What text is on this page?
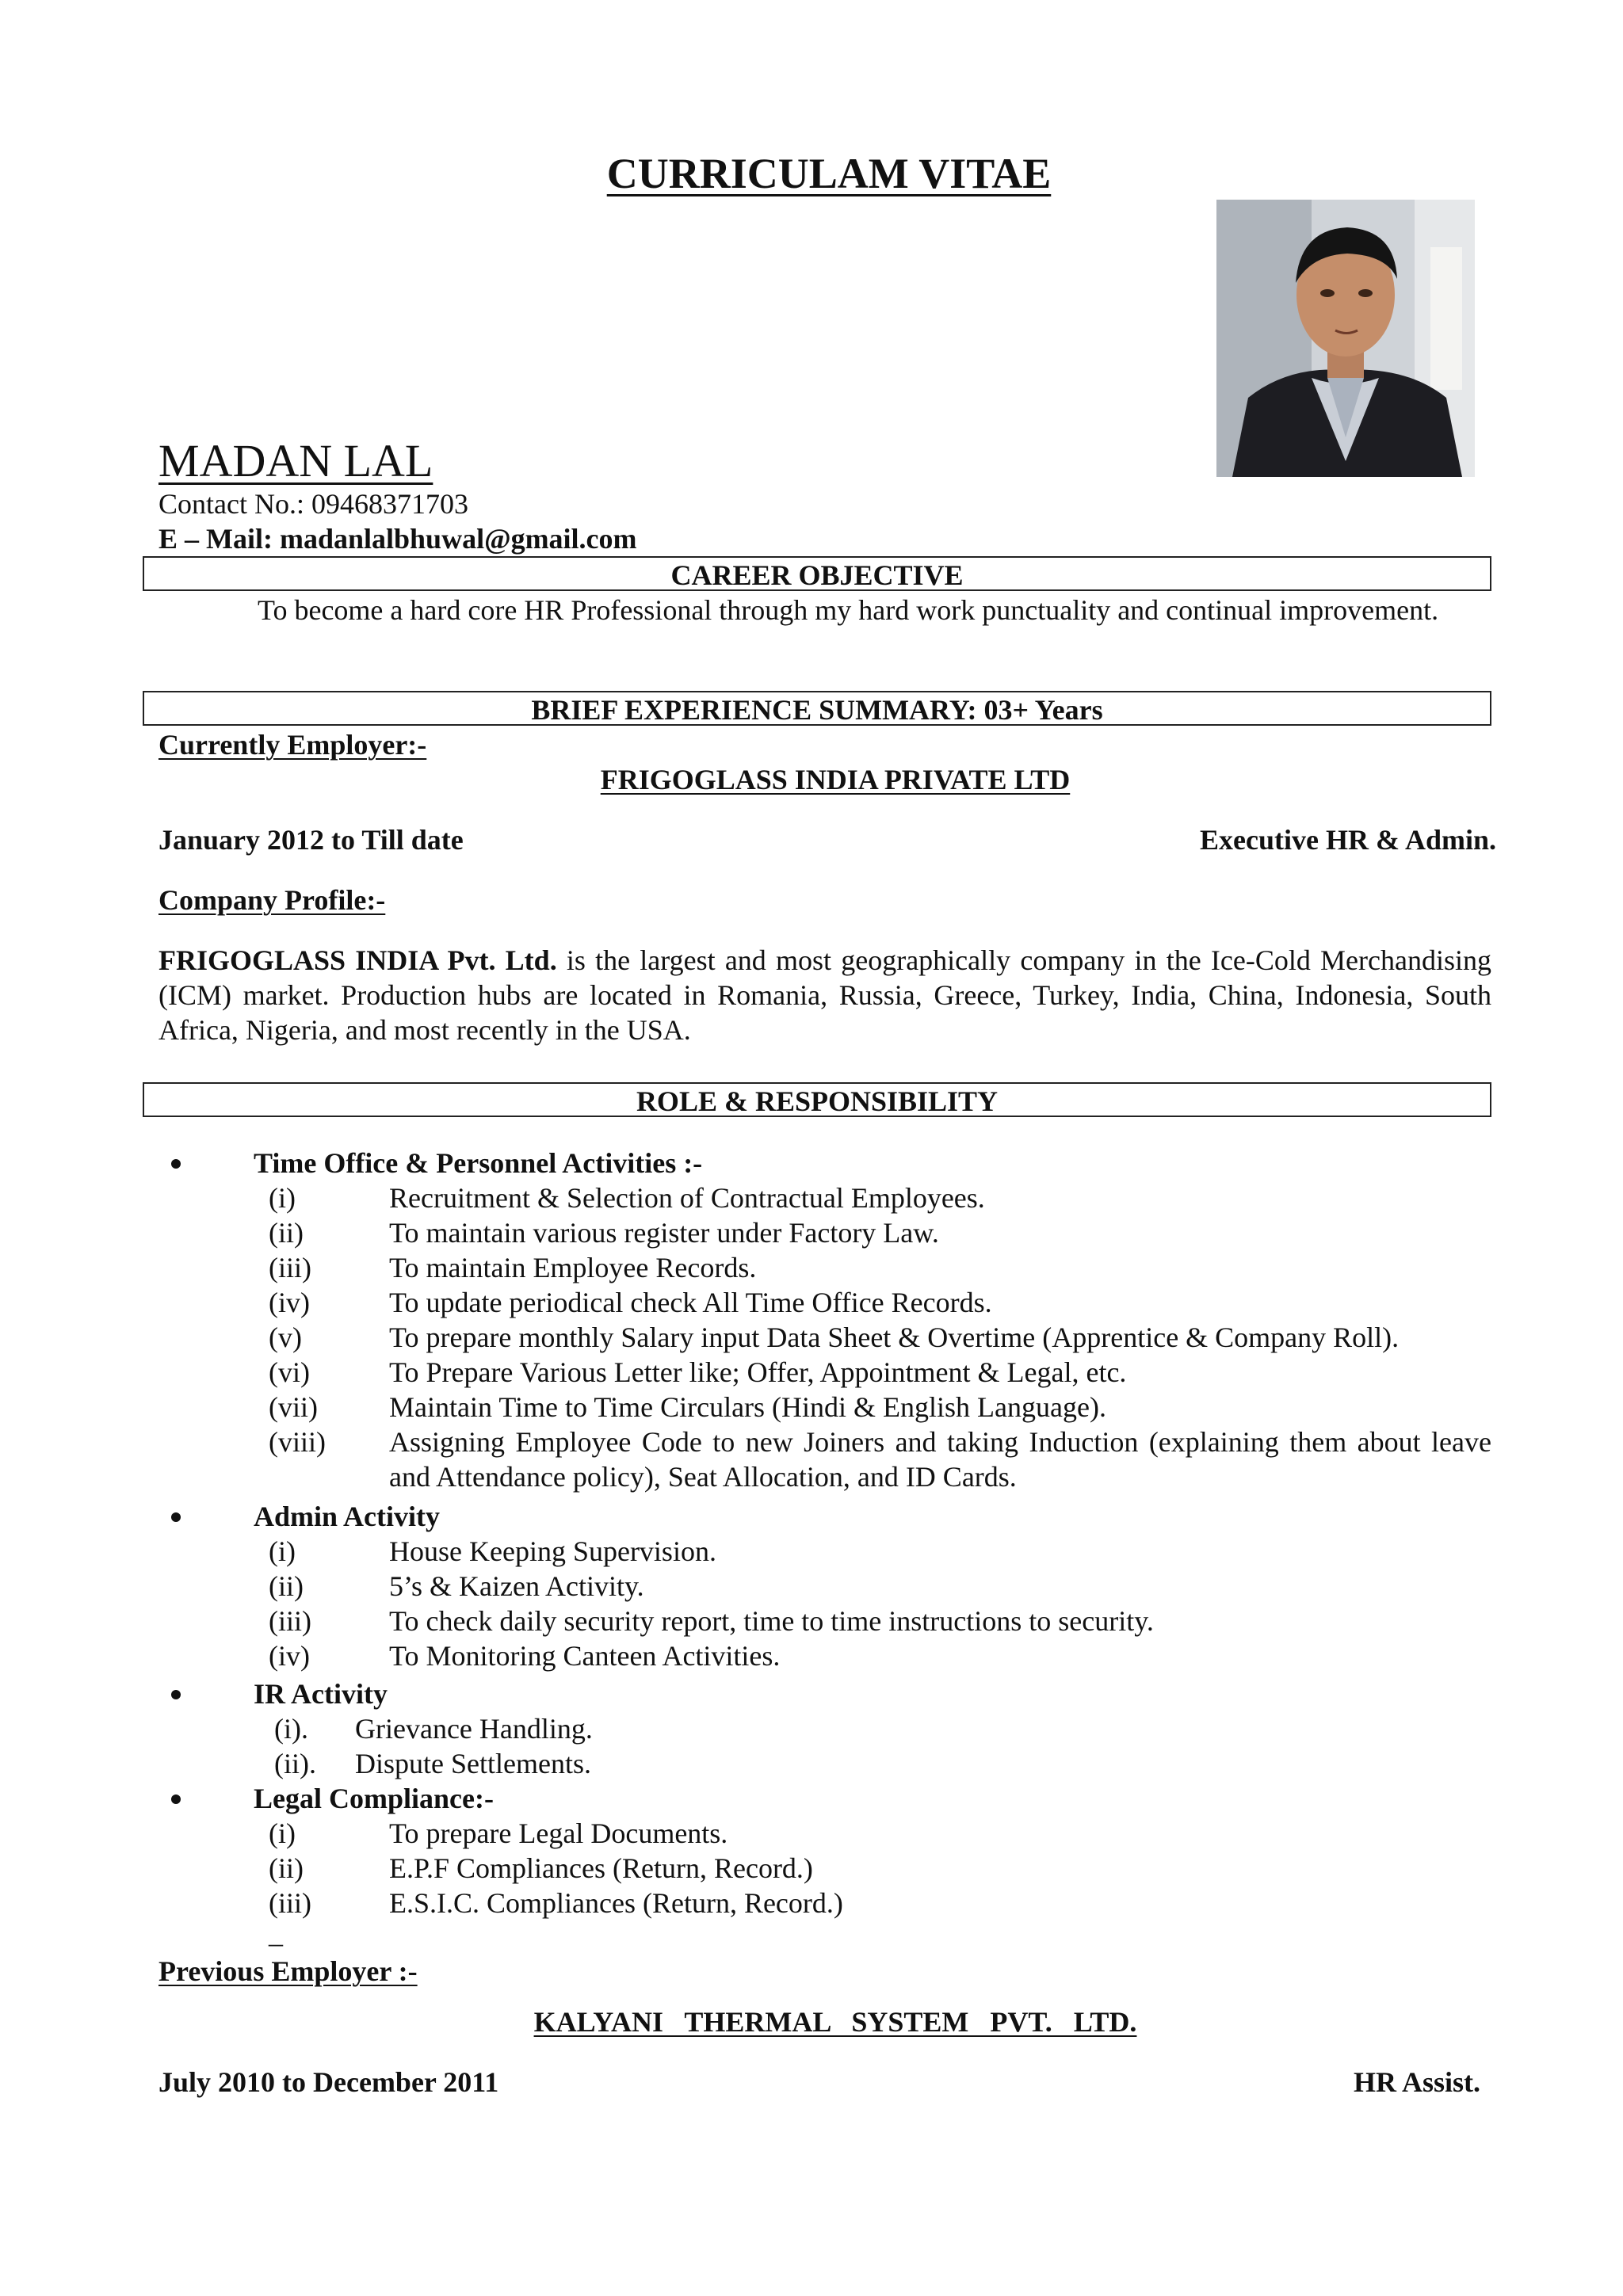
CURRICULAM VITAE
MADAN LAL
Contact No.: 09468371703
E – Mail: madanlalbhuwal@gmail.com
CAREER OBJECTIVE
To become a hard core HR Professional through my hard work punctuality and continual improvement.
BRIEF EXPERIENCE SUMMARY: 03+ Years
Currently Employer:-
FRIGOGLASS INDIA PRIVATE LTD
January 2012 to Till date	Executive HR & Admin.
Company Profile:-
FRIGOGLASS INDIA Pvt. Ltd. is the largest and most geographically company in the Ice-Cold Merchandising (ICM) market. Production hubs are located in Romania, Russia, Greece, Turkey, India, China, Indonesia, South Africa, Nigeria, and most recently in the USA.
ROLE & RESPONSIBILITY
Time Office & Personnel Activities :-
(i)	Recruitment & Selection of Contractual Employees.
(ii)	To maintain various register under Factory Law.
(iii)	To maintain Employee Records.
(iv)	To update periodical check All Time Office Records.
(v)	To prepare monthly Salary input Data Sheet & Overtime (Apprentice & Company Roll).
(vi)	To Prepare Various Letter like; Offer, Appointment & Legal, etc.
(vii)	Maintain Time to Time Circulars (Hindi & English Language).
(viii) Assigning Employee Code to new Joiners and taking Induction (explaining them about leave and Attendance policy), Seat Allocation, and ID Cards.
Admin Activity
(i)	House Keeping Supervision.
(ii)	5’s & Kaizen Activity.
(iii)	To check daily security report, time to time instructions to security.
(iv)	To Monitoring Canteen Activities.
IR Activity
(i). Grievance Handling.
(ii). Dispute Settlements.
Legal Compliance:-
(i)	To prepare Legal Documents.
(ii)	E.P.F Compliances (Return, Record.)
(iii)	E.S.I.C. Compliances (Return, Record.)
_
Previous Employer :-
KALYANI   THERMAL   SYSTEM   PVT.   LTD.
July 2010 to December 2011	HR Assist.
